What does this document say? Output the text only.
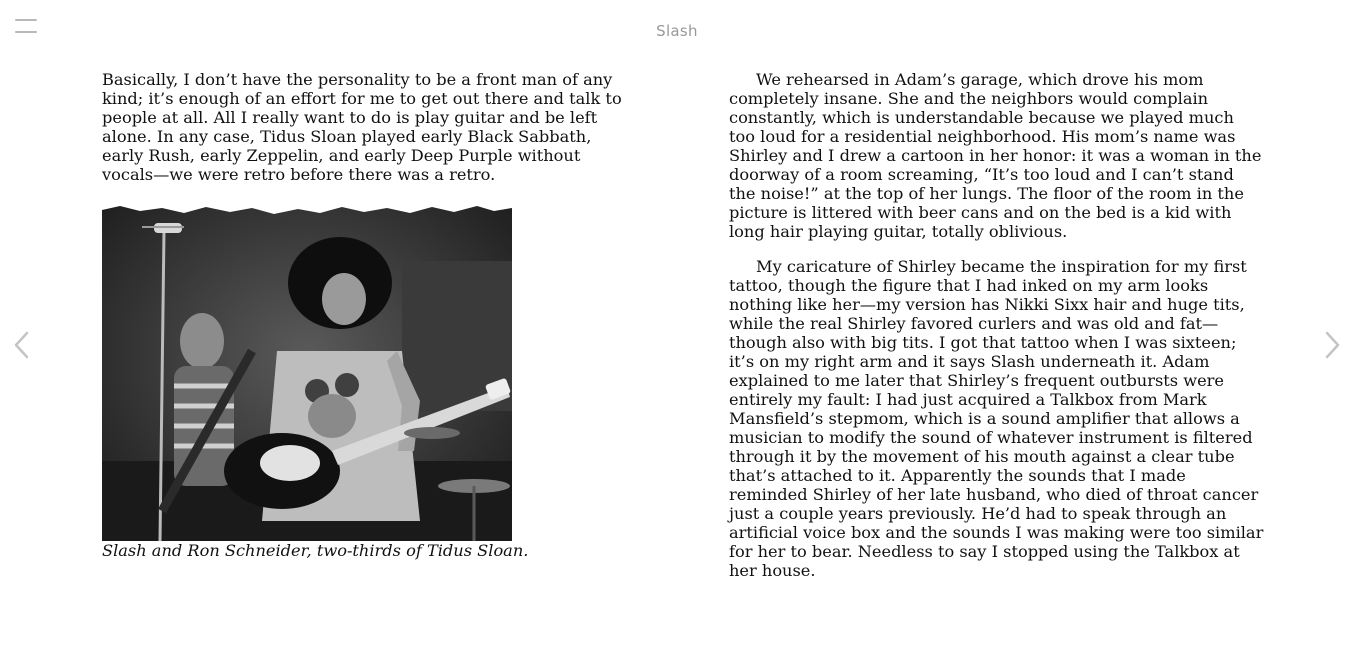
Slash

Basically, I don’t have the personality to be a front man of any kind; it’s enough of an effort for me to get out there and talk to people at all. All I really want to do is play guitar and be left alone. In any case, Tidus Sloan played early Black Sabbath, early Rush, early Zeppelin, and early Deep Purple without vocals—we were retro before there was a retro.

Slash and Ron Schneider, two-thirds of Tidus Sloan.

We rehearsed in Adam’s garage, which drove his mom completely insane. She and the neighbors would complain constantly, which is understandable because we played much too loud for a residential neighborhood. His mom’s name was Shirley and I drew a cartoon in her honor: it was a woman in the doorway of a room screaming, “It’s too loud and I can’t stand the noise!” at the top of her lungs. The floor of the room in the picture is littered with beer cans and on the bed is a kid with long hair playing guitar, totally oblivious.

My caricature of Shirley became the inspiration for my first tattoo, though the figure that I had inked on my arm looks nothing like her—my version has Nikki Sixx hair and huge tits, while the real Shirley favored curlers and was old and fat—though also with big tits. I got that tattoo when I was sixteen; it’s on my right arm and it says Slash underneath it. Adam explained to me later that Shirley’s frequent outbursts were entirely my fault: I had just acquired a Talkbox from Mark Mansfield’s stepmom, which is a sound amplifier that allows a musician to modify the sound of whatever instrument is filtered through it by the movement of his mouth against a clear tube that’s attached to it. Apparently the sounds that I made reminded Shirley of her late husband, who died of throat cancer just a couple years previously. He’d had to speak through an artificial voice box and the sounds I was making were too similar for her to bear. Needless to say I stopped using the Talkbox at her house.
